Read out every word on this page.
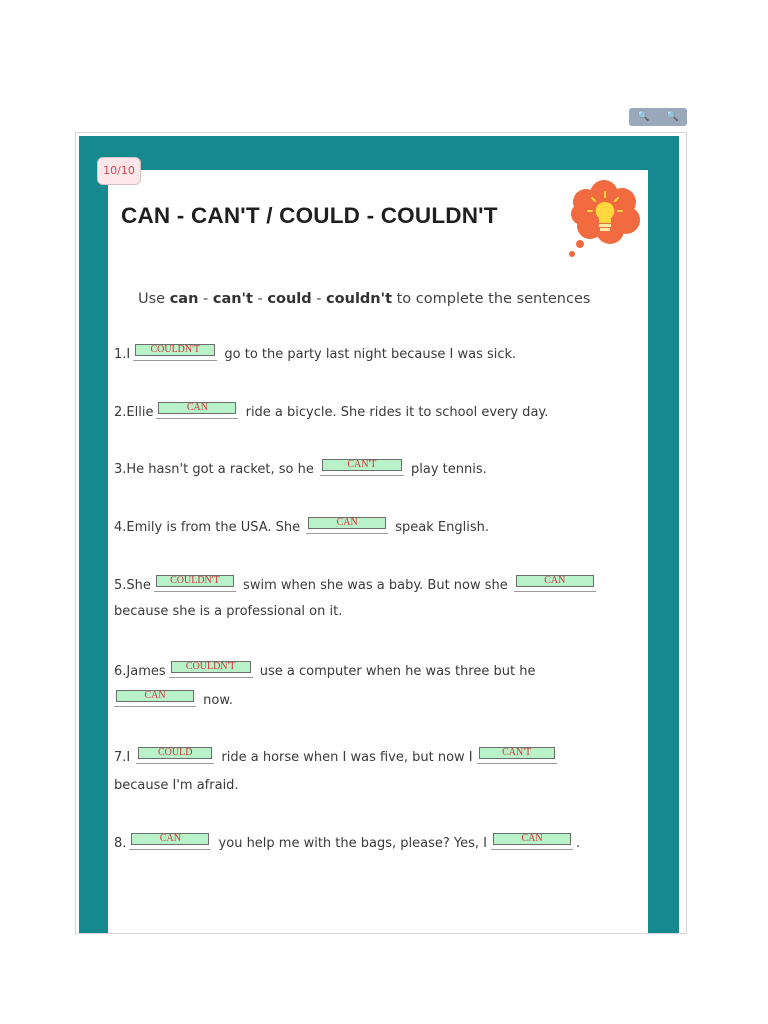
🔍 🔍
10/10
CAN - CAN'T / COULD - COULDN'T
Use can - can't - could - couldn't to complete the sentences
1.I	COULDN'T	go to the party last night because I was sick.
2.Ellie	CAN	ride a bicycle. She rides it to school every day.
3.He hasn't got a racket, so he	CAN'T	play tennis.
4.Emily is from the USA. She	CAN	speak English.
5.She	COULDN'T	swim when she was a baby. But now she	CAN
because she is a professional on it.
6.James	COULDN'T	use a computer when he was three but he
CAN	now.
7.I	COULD	ride a horse when I was five, but now I	CAN'T
because I'm afraid.
8.	CAN	you help me with the bags, please? Yes, I	CAN	.
